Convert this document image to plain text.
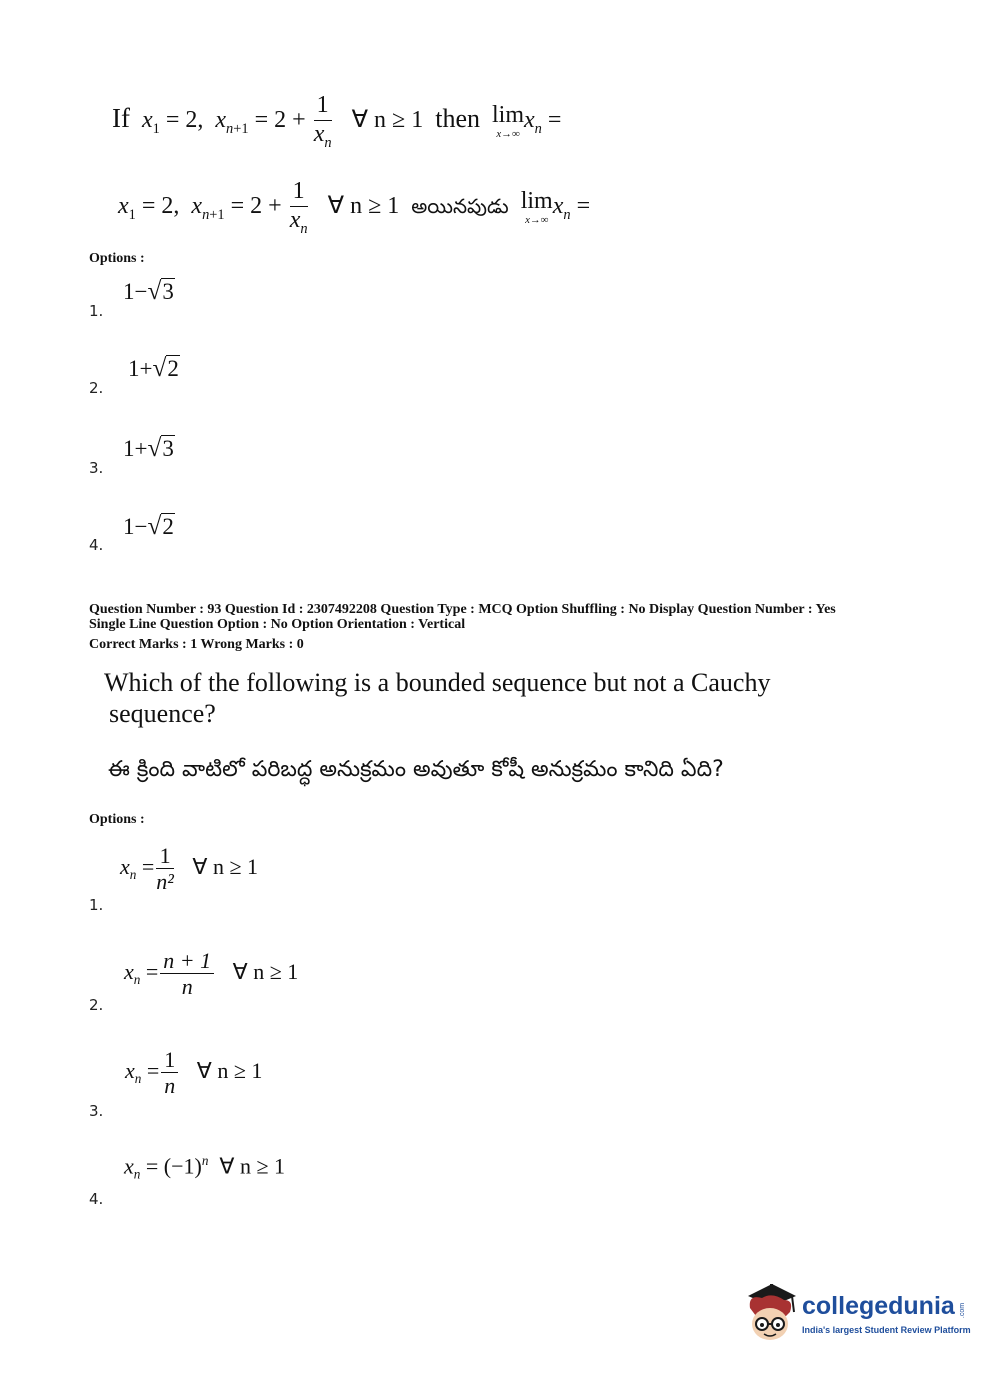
If $x_1 = 2$, $x_{n+1} = 2 + \frac{1}{x_n}$ ∀ n ≥ 1 then lim
x→∞
$x_n$ =
$x_1 = 2$, $x_{n+1} = 2 + \frac{1}{x_n}$ ∀ n ≥ 1 అయినపుడు lim
x→∞
$x_n$ =
Options :
1−√3
1.
1+√2
2.
1+√3
3.
1−√2
4.
Question Number : 93 Question Id : 2307492208 Question Type : MCQ Option Shuffling : No Display Question Number : Yes
Single Line Question Option : No Option Orientation : Vertical
Correct Marks : 1 Wrong Marks : 0
Which of the following is a bounded sequence but not a Cauchy
sequence?
ఈ క్రింది వాటిలో పరిబద్ధ అనుక్రమం అవుతూ కోషీ అనుక్రమం కానిది ఏది?
Options :
$x_n = \frac{1}{\text{n²}}$ ∀ n ≥ 1
1.
$x_n = \frac{n + 1}{n}$ ∀ n ≥ 1
2.
$x_n = \frac{1}{n}$ ∀ n ≥ 1
3.
$x_n = (-1)^n$ ∀ n ≥ 1
4.
collegedunia .com
India's largest Student Review Platform
